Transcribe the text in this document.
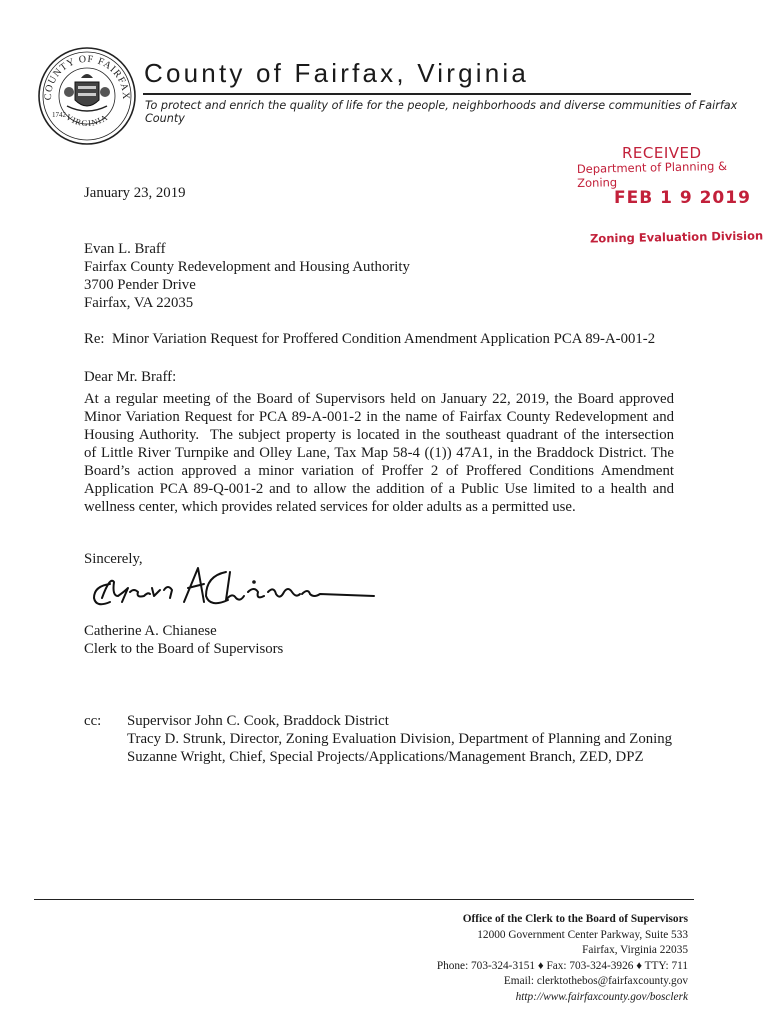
COUNTY OF FAIRFAX
VIRGINIA
1742
County of Fairfax, Virginia
To protect and enrich the quality of life for the people, neighborhoods and diverse communities of Fairfax County
RECEIVED
Department of Planning & Zoning
FEB 1 9 2019
Zoning Evaluation Division
January 23, 2019
Evan L. Braff
Fairfax County Redevelopment and Housing Authority
3700 Pender Drive
Fairfax, VA 22035
Re:  Minor Variation Request for Proffered Condition Amendment Application PCA 89-A-001-2
Dear Mr. Braff:
At a regular meeting of the Board of Supervisors held on January 22, 2019, the Board approved
Minor Variation Request for PCA 89-A-001-2 in the name of Fairfax County Redevelopment and
Housing Authority.  The subject property is located in the southeast quadrant of the intersection
of Little River Turnpike and Olley Lane, Tax Map 58-4 ((1)) 47A1, in the Braddock District. The
Board’s action approved a minor variation of Proffer 2 of Proffered Conditions Amendment
Application PCA 89-Q-001-2 and to allow the addition of a Public Use limited to a health and
wellness center, which provides related services for older adults as a permitted use.
Sincerely,
Catherine A. Chianese
Clerk to the Board of Supervisors
cc: Supervisor John C. Cook, Braddock District
Tracy D. Strunk, Director, Zoning Evaluation Division, Department of Planning and Zoning
Suzanne Wright, Chief, Special Projects/Applications/Management Branch, ZED, DPZ
Office of the Clerk to the Board of Supervisors
12000 Government Center Parkway, Suite 533
Fairfax, Virginia 22035
Phone: 703-324-3151 ♦ Fax: 703-324-3926 ♦ TTY: 711
Email: clerktothebos@fairfaxcounty.gov
http://www.fairfaxcounty.gov/bosclerk
